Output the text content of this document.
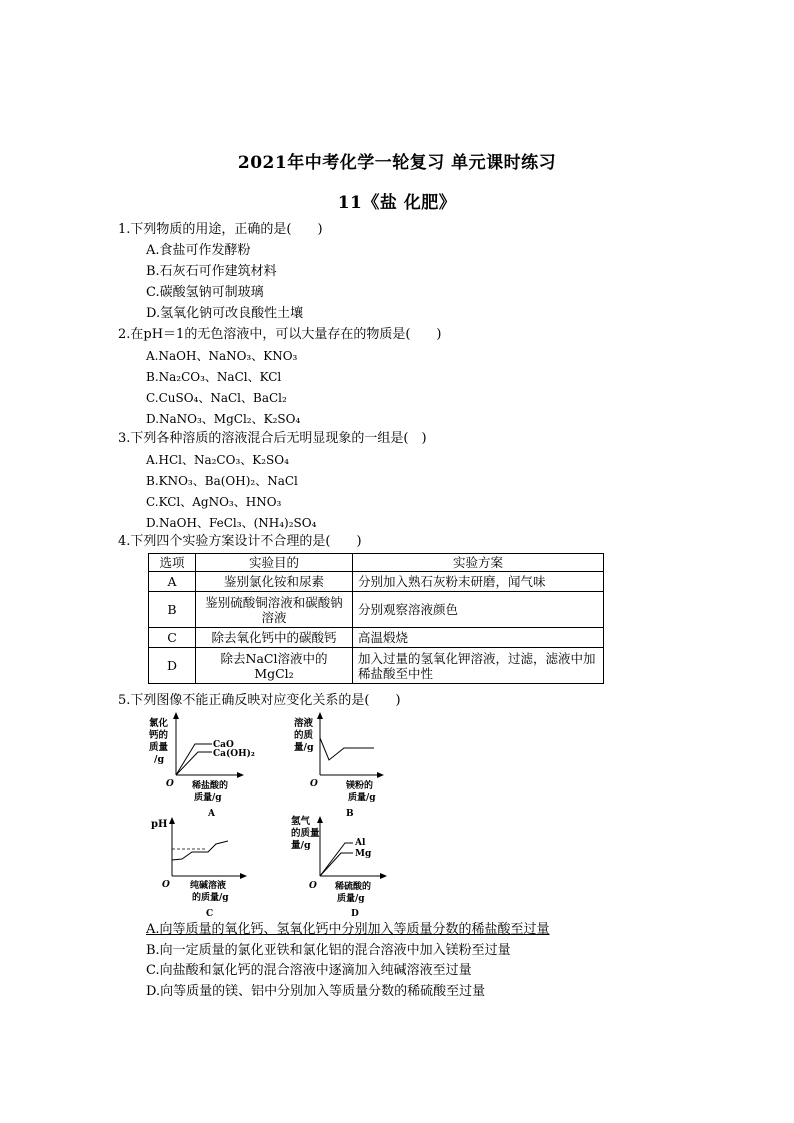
2021年中考化学一轮复习 单元课时练习
11《盐 化肥》
1.下列物质的用途，正确的是(　　)
A.食盐可作发酵粉
B.石灰石可作建筑材料
C.碳酸氢钠可制玻璃
D.氢氧化钠可改良酸性土壤
2.在pH＝1的无色溶液中，可以大量存在的物质是(　　)
A.NaOH、NaNO₃、KNO₃
B.Na₂CO₃、NaCl、KCl
C.CuSO₄、NaCl、BaCl₂
D.NaNO₃、MgCl₂、K₂SO₄
3.下列各种溶质的溶液混合后无明显现象的一组是(　)
A.HCl、Na₂CO₃、K₂SO₄
B.KNO₃、Ba(OH)₂、NaCl
C.KCl、AgNO₃、HNO₃
D.NaOH、FeCl₃、(NH₄)₂SO₄
4.下列四个实验方案设计不合理的是(　　)
选项	实验目的	实验方案
A	鉴别氯化铵和尿素	分别加入熟石灰粉末研磨，闻气味
B	鉴别硫酸铜溶液和碳酸钠溶液	分别观察溶液颜色
C	除去氧化钙中的碳酸钙	高温煅烧
D	除去NaCl溶液中的MgCl₂	加入过量的氢氧化钾溶液，过滤，滤液中加稀盐酸至中性
5.下列图像不能正确反映对应变化关系的是(　　)
氯化
钙的
质量
/g
CaO
Ca(OH)₂
O 稀盐酸的
质量/g
A
溶液
的质
量/g
O	镁粉的
质量/g
B
pH
O 纯碱溶液
的质量/g
C
氢气
的质量
量/g	Al
Mg
O 稀硫酸的
质量/g
D
A.向等质量的氧化钙、氢氧化钙中分别加入等质量分数的稀盐酸至过量
B.向一定质量的氯化亚铁和氯化铝的混合溶液中加入镁粉至过量
C.向盐酸和氯化钙的混合溶液中逐滴加入纯碱溶液至过量
D.向等质量的镁、铝中分别加入等质量分数的稀硫酸至过量
